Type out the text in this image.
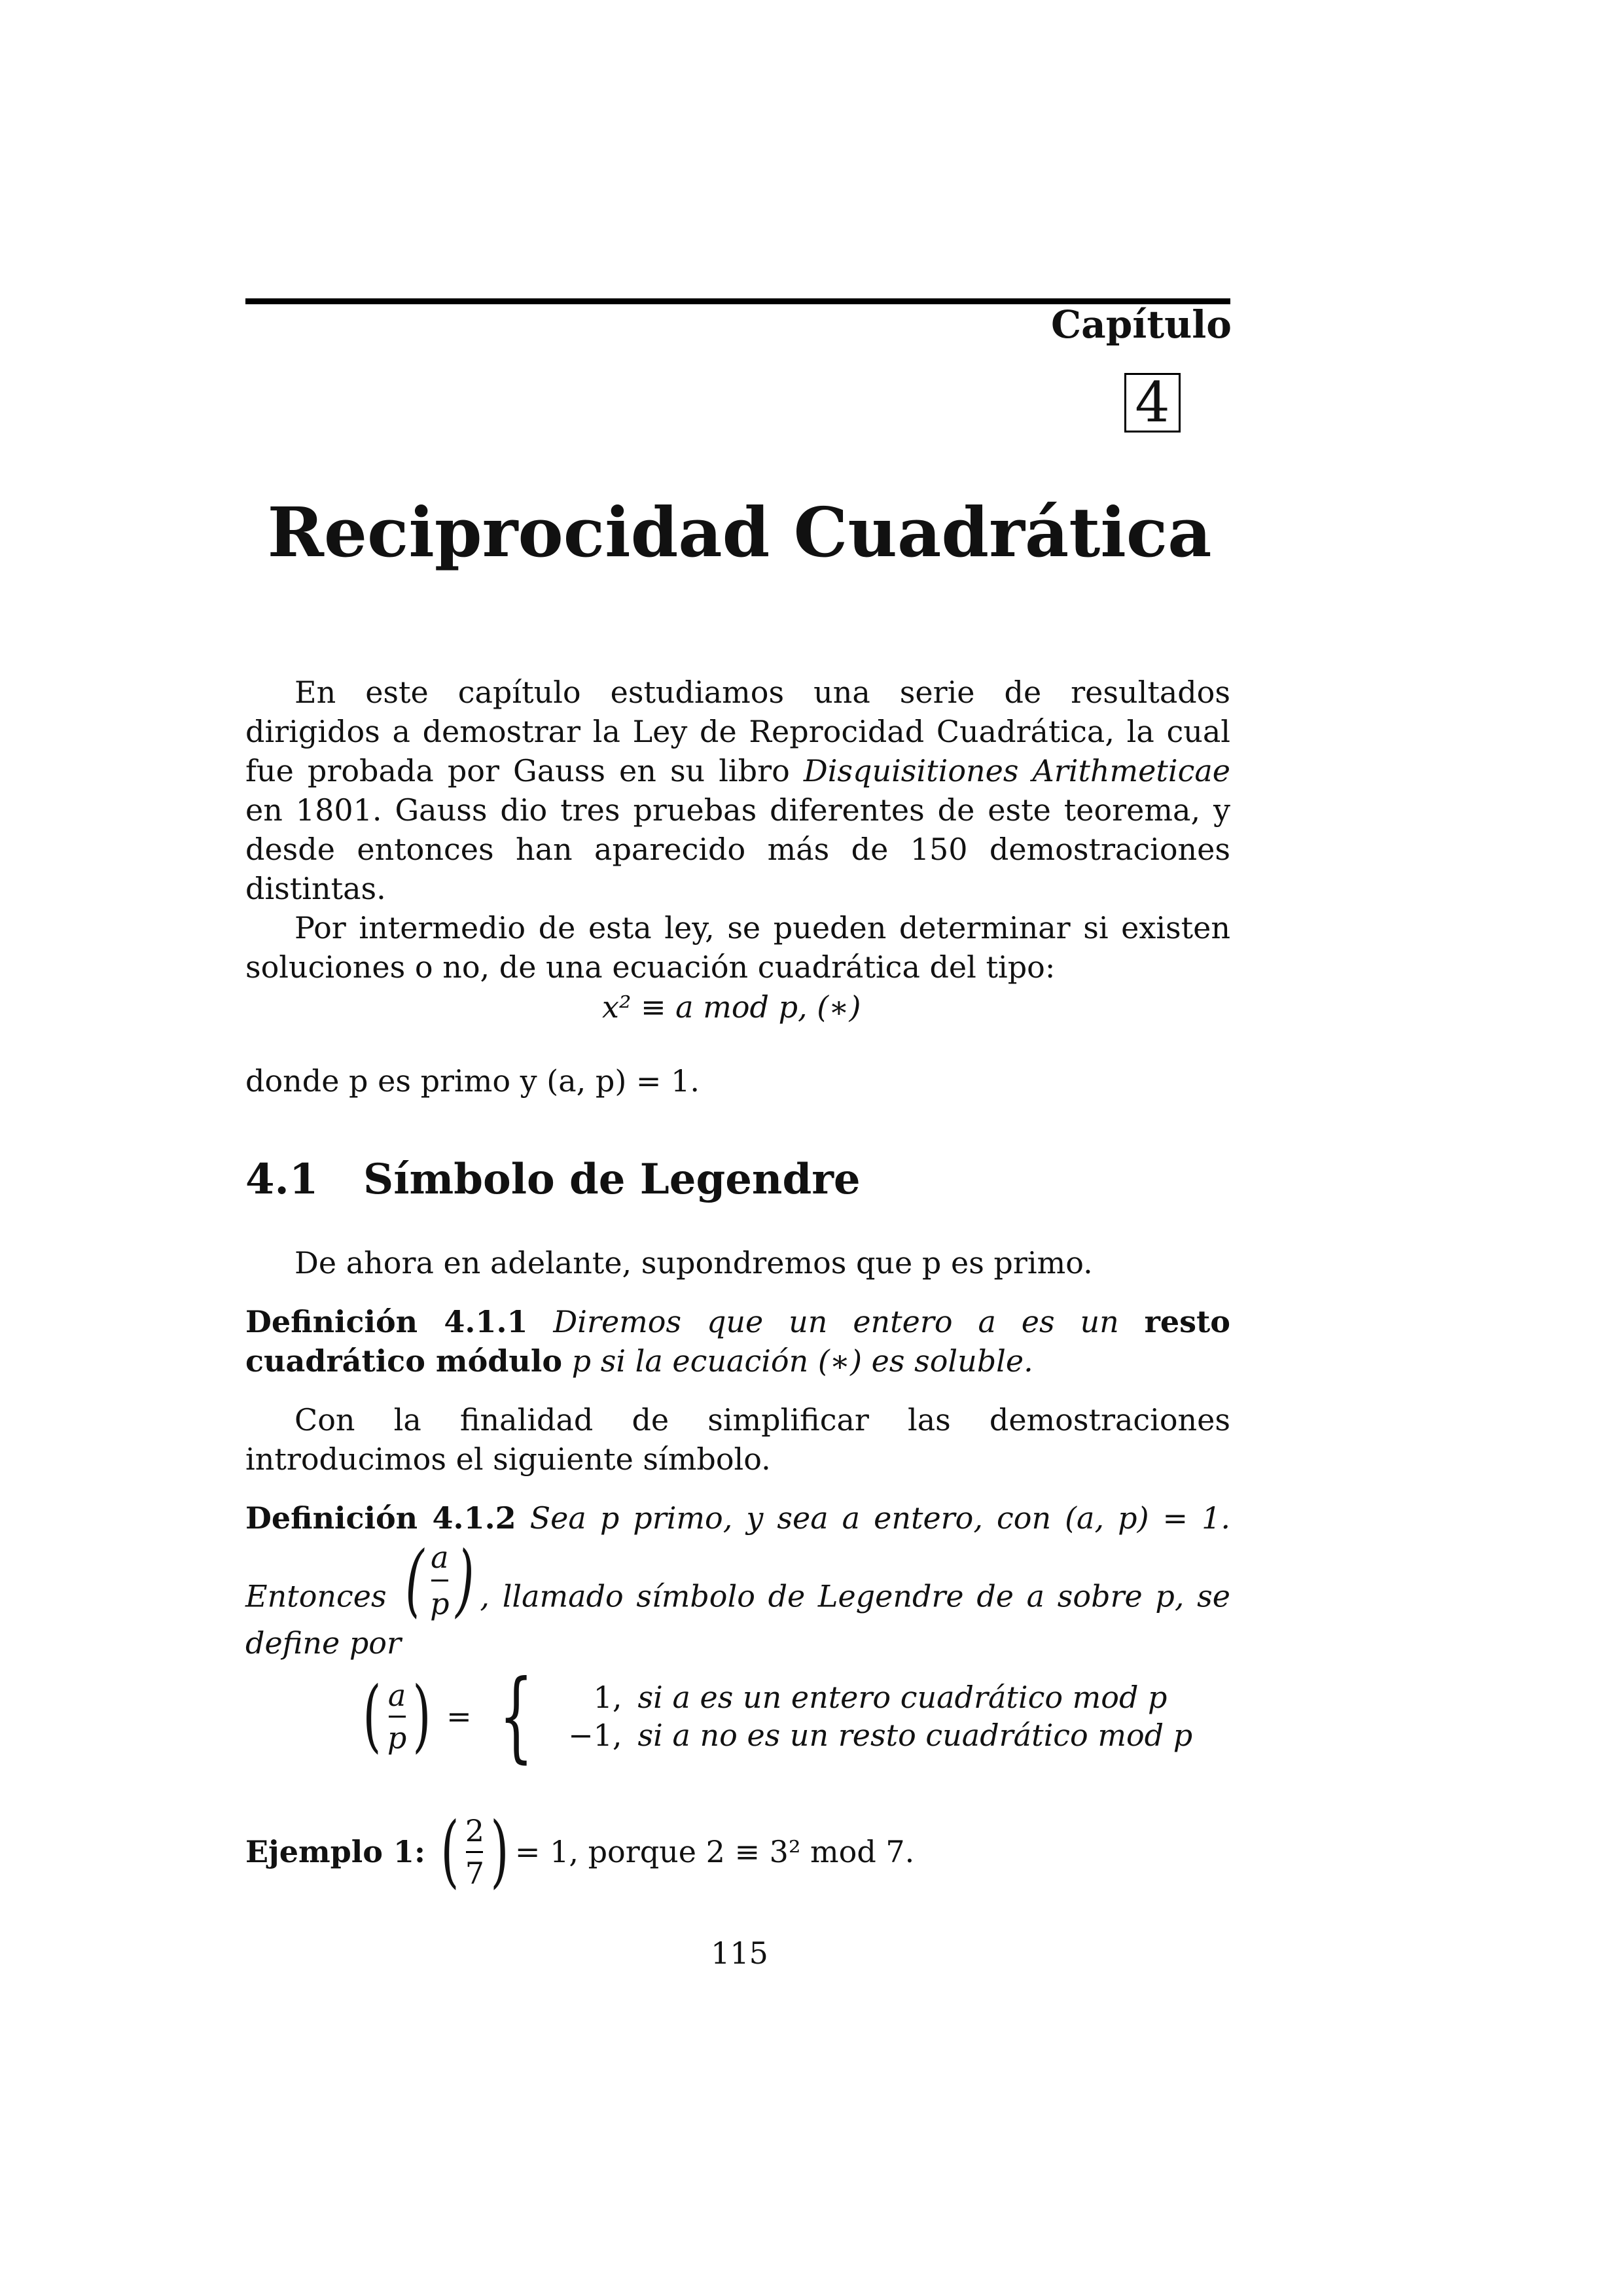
Capítulo
4
Reciprocidad Cuadrática

En este capítulo estudiamos una serie de resultados dirigidos a demostrar la Ley de Reprocidad Cuadrática, la cual fue probada por Gauss en su libro Disquisitiones Arithmeticae en 1801. Gauss dio tres pruebas diferentes de este teorema, y desde entonces han aparecido más de 150 demostraciones distintas.

Por intermedio de esta ley, se pueden determinar si existen soluciones o no, de una ecuación cuadrática del tipo:

x² ≡ a mod p, (∗)

donde p es primo y (a, p) = 1.

4.1 Símbolo de Legendre

De ahora en adelante, supondremos que p es primo.

Definición 4.1.1 Diremos que un entero a es un resto cuadrático módulo p si la ecuación (∗) es soluble.

Con la finalidad de simplificar las demostraciones introducimos el siguiente símbolo.

Definición 4.1.2 Sea p primo, y sea a entero, con (a, p) = 1. Entonces ( $\frac{a}{p}$ ) , llamado símbolo de Legendre de a sobre p, se define por

( $\frac{a}{p}$ ) = { 1,	si a es un entero cuadrático mod p
−1,	si a no es un resto cuadrático mod p
Ejemplo 1: ( $\frac{2}{7}$ ) = 1, porque 2 ≡ 3² mod 7.
115
